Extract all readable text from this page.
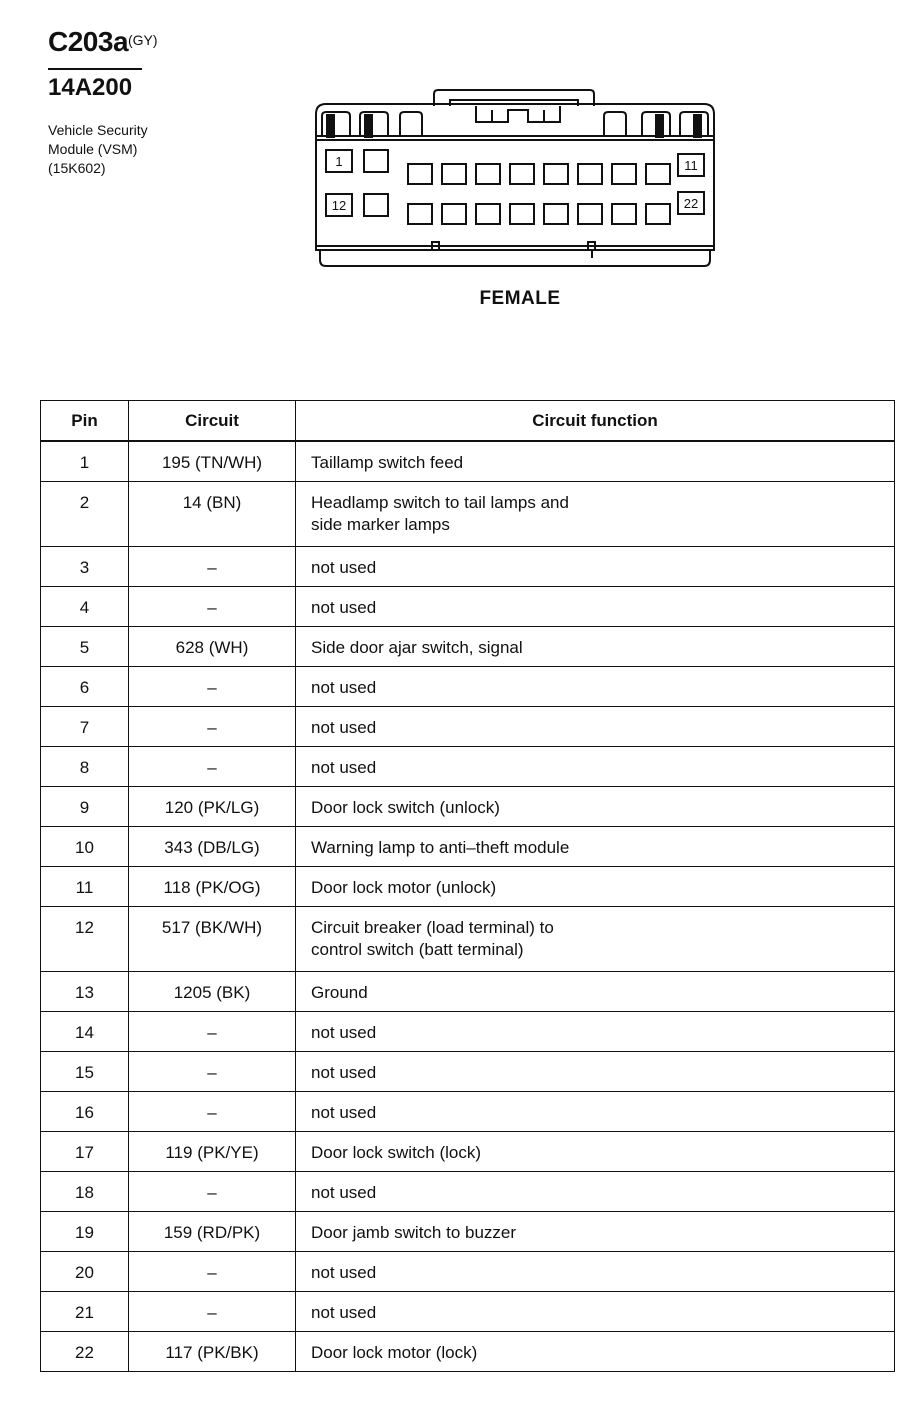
C203a (GY)
14A200
Vehicle Security
Module (VSM)
(15K602)	1
12
11
22
FEMALE
Pin	Circuit	Circuit function
1	195 (TN/WH)	Taillamp switch feed

2	14 (BN)	Headlamp switch to tail lamps and
side marker lamps

3	–	not used

4	–	not used

5	628 (WH)	Side door ajar switch, signal

6	–	not used

7	–	not used

8	–	not used

9	120 (PK/LG)	Door lock switch (unlock)

10	343 (DB/LG)	Warning lamp to anti–theft module

11	118 (PK/OG)	Door lock motor (unlock)

12	517 (BK/WH)	Circuit breaker (load terminal) to
control switch (batt terminal)

13	1205 (BK)	Ground

14	–	not used

15	–	not used

16	–	not used

17	119 (PK/YE)	Door lock switch (lock)

18	–	not used

19	159 (RD/PK)	Door jamb switch to buzzer

20	–	not used

21	–	not used

22	117 (PK/BK)	Door lock motor (lock)
